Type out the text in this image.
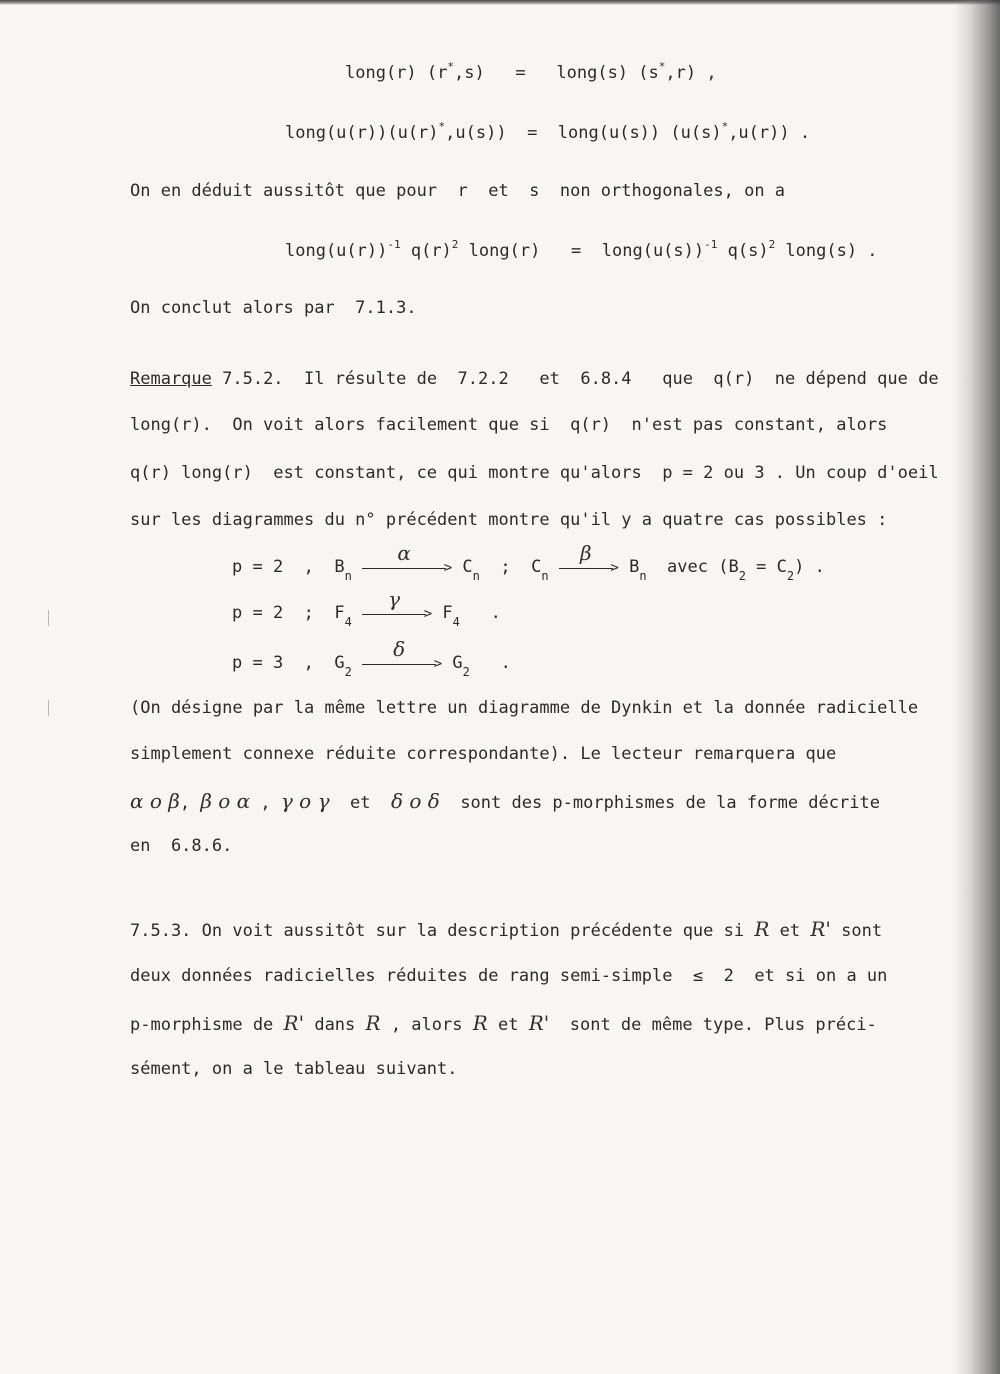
long(r) (r*,s) = long(s) (s*,r) ,
long(u(r))(u(r)*,u(s)) = long(u(s)) (u(s)*,u(r)) .
On en déduit aussitôt que pour  r  et  s  non orthogonales, on a
$long(u(r))^{-1}$ $q(r)^2$ long(r) = $long(u(s))^{-1}$ $q(s)^2$ long(s) .
On conclut alors par  7.1.3.
Remarque 7.5.2.  Il résulte de  7.2.2   et  6.8.4   que  q(r)  ne dépend que de
long(r).  On voit alors facilement que si  q(r)  n'est pas constant, alors
q(r) long(r)  est constant, ce qui montre qu'alors  p = 2 ou 3 . Un coup d'oeil
sur les diagrammes du n° précédent montre qu'il y a quatre cas possibles :
p = 2 , $B_n$
α
> $C_n$ ; $C_n$
β
> $B_n$ avec $(B_2 = C_2)$ .
p = 2 ; $F_4$
γ
> $F_4$ .
p = 3 , $G_2$
δ
> $G_2$ .
(On désigne par la même lettre un diagramme de Dynkin et la donnée radicielle
simplement connexe réduite correspondante). Le lecteur remarquera que
α o β, β o α , γ o γ et δ o δ sont des p-morphismes de la forme décrite
en  6.8.6.
7.5.3. On voit aussitôt sur la description précédente que si R et R' sont
deux données radicielles réduites de rang semi-simple  ≤  2  et si on a un
p-morphisme de R' dans R , alors R et R'  sont de même type. Plus préci-
sément, on a le tableau suivant.
